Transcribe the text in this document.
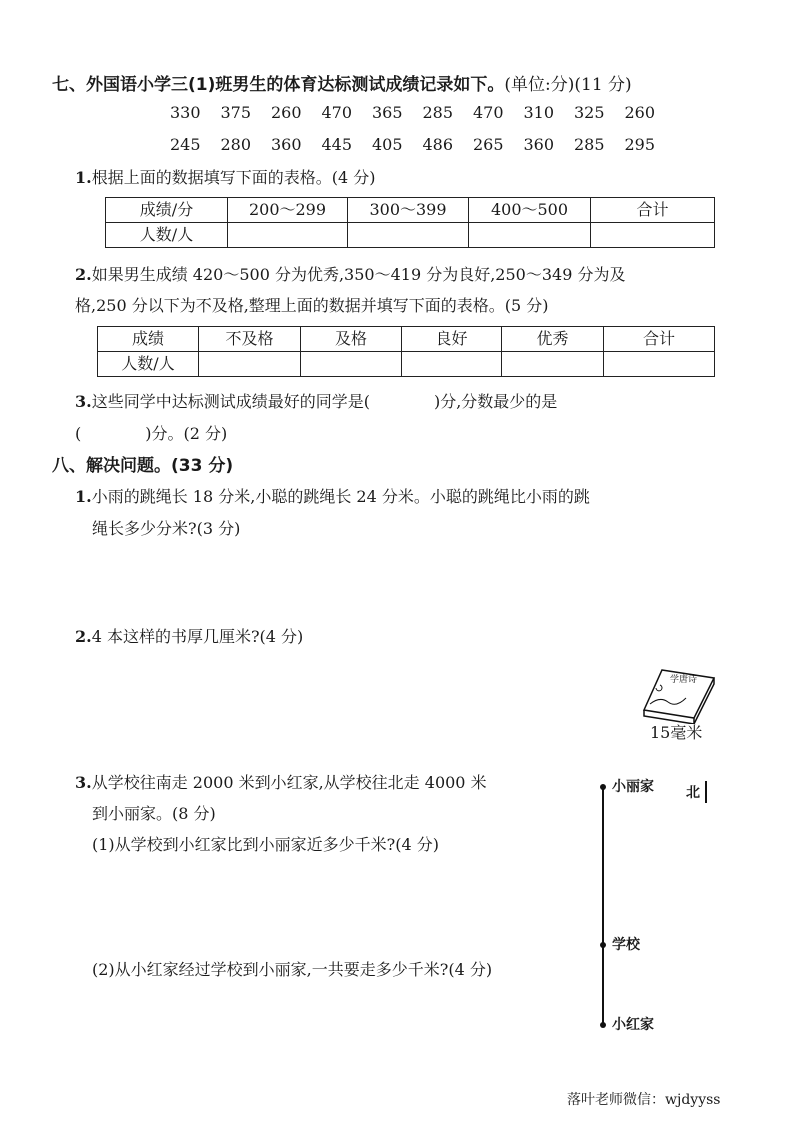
七、外国语小学三(1)班男生的体育达标测试成绩记录如下。(单位:分)(11 分)
330 375 260 470 365 285 470 310 325 260
245 280 360 445 405 486 265 360 285 295
1.根据上面的数据填写下面的表格。(4 分)
成绩/分	200～299	300～399	400～500	合计
人数/人				
2.如果男生成绩 420～500 分为优秀,350～419 分为良好,250～349 分为及
格,250 分以下为不及格,整理上面的数据并填写下面的表格。(5 分)
成绩	不及格	及格	良好	优秀	合计
人数/人					
3.这些同学中达标测试成绩最好的同学是(　　　　)分,分数最少的是
(　　　　)分。(2 分)
八、解决问题。(33 分)
1.小雨的跳绳长 18 分米,小聪的跳绳长 24 分米。小聪的跳绳比小雨的跳
绳长多少分米?(3 分)
2.4 本这样的书厚几厘米?(4 分)
学唐诗
15毫米
3.从学校往南走 2000 米到小红家,从学校往北走 4000 米
到小丽家。(8 分)
(1)从学校到小红家比到小丽家近多少千米?(4 分)
(2)从小红家经过学校到小丽家,一共要走多少千米?(4 分)
小丽家
学校
小红家
北
落叶老师微信：wjdyyss
